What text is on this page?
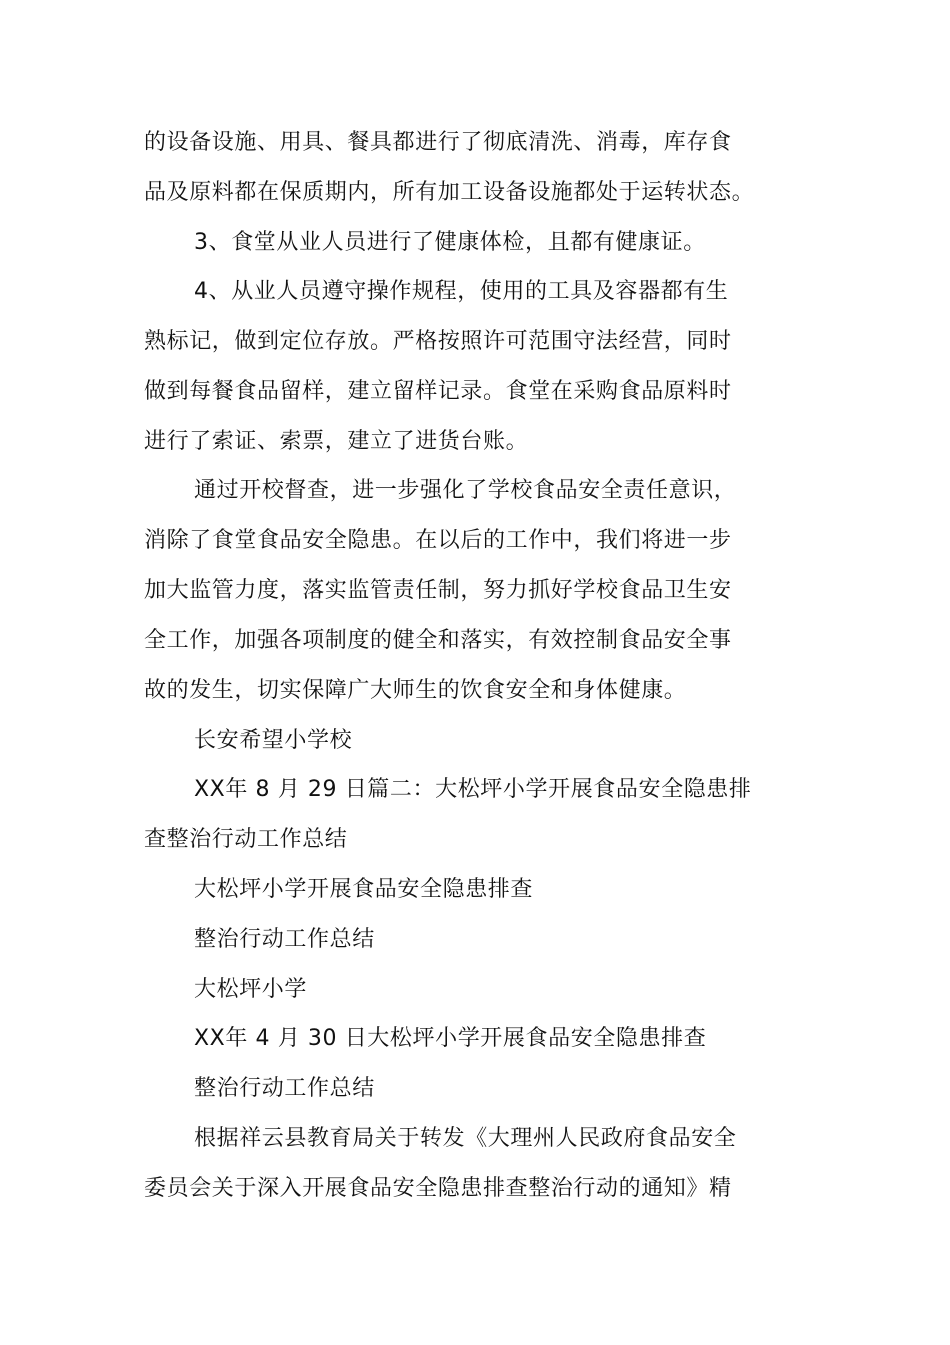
的设备设施、用具、餐具都进行了彻底清洗、消毒，库存食
品及原料都在保质期内，所有加工设备设施都处于运转状态。
3、食堂从业人员进行了健康体检，且都有健康证。
4、从业人员遵守操作规程，使用的工具及容器都有生
熟标记，做到定位存放。严格按照许可范围守法经营，同时
做到每餐食品留样，建立留样记录。食堂在采购食品原料时
进行了索证、索票，建立了进货台账。
通过开校督查，进一步强化了学校食品安全责任意识，
消除了食堂食品安全隐患。在以后的工作中，我们将进一步
加大监管力度，落实监管责任制，努力抓好学校食品卫生安
全工作，加强各项制度的健全和落实，有效控制食品安全事
故的发生，切实保障广大师生的饮食安全和身体健康。
长安希望小学校
XX年 8 月 29 日篇二：大松坪小学开展食品安全隐患排
查整治行动工作总结
大松坪小学开展食品安全隐患排查
整治行动工作总结
大松坪小学
XX年 4 月 30 日大松坪小学开展食品安全隐患排查
整治行动工作总结
根据祥云县教育局关于转发《大理州人民政府食品安全
委员会关于深入开展食品安全隐患排查整治行动的通知》精
